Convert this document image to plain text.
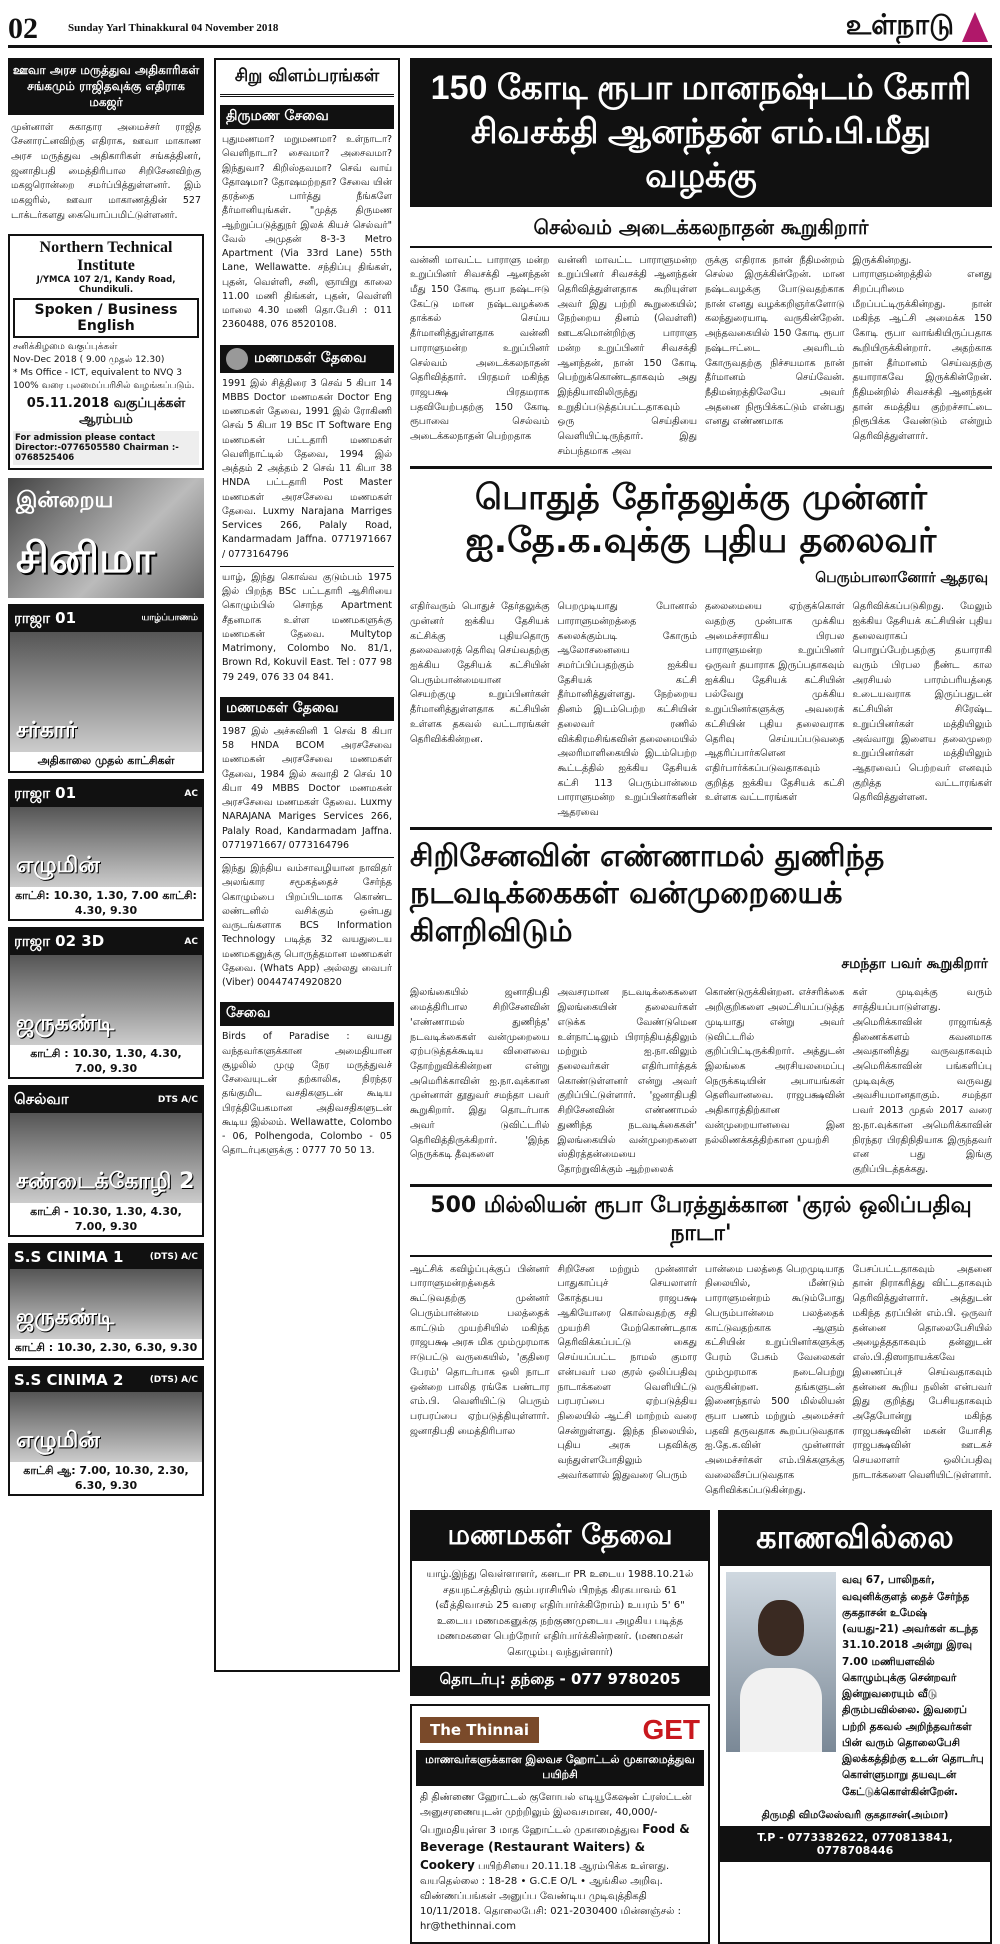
02	Sunday Yarl Thinakkural 04 November 2018	உள்நாடு
ஊவா அரச மருத்துவ அதிகாரிகள் சங்கமும் ராஜிதவுக்கு எதிராக மகஜர்
முன்னாள் சுகாதார அமைச்சர் ராஜித சேனாரட்னவிற்கு எதிராக, ஊவா மாகாண அரச மருத்துவ அதிகாரிகள் சங்கத்தினர், ஜனாதிபதி மைத்திரிபால சிறிசேனவிற்கு மகஜரொன்றை சமர்ப்பித்துள்ளனர். இம் மகஜரில், ஊவா மாகாணத்தின் 527 டாக்டர்களது கையொப்பமிட்டுள்ளனர்.
Northern Technical Institute
J/YMCA 107 2/1, Kandy Road, Chundikuli.
Spoken / Business English
சனிக்கிழமை வகுப்புக்கள்
Nov-Dec 2018 ( 9.00 முதல் 12.30)
* Ms Office - ICT, equivalent to NVQ 3
100% வரை புலமைப்பரிசில் வழங்கப்படும்.
05.11.2018 வகுப்புக்கள் ஆரம்பம்
For admission please contact Director:-0776505580 Chairman :- 0768525406
இன்றைய
சினிமா
ராஜா 01	யாழ்ப்பாணம்
சர்கார்
அதிகாலை முதல் காட்சிகள்
ராஜா 01	AC
எழுமின்
காட்சி: 10.30, 1.30, 7.00 காட்சி: 4.30, 9.30
ராஜா 02 3D	AC
ஜருகண்டி
காட்சி : 10.30, 1.30, 4.30, 7.00, 9.30
செல்வா	DTS A/C
சண்டைக்கோழி 2
காட்சி - 10.30, 1.30, 4.30, 7.00, 9.30
S.S CINIMA 1	(DTS) A/C
ஜருகண்டி
காட்சி : 10.30, 2.30, 6.30, 9.30
S.S CINIMA 2	(DTS) A/C
எழுமின்
காட்சி ஆ: 7.00, 10.30, 2.30, 6.30, 9.30
சிறு விளம்பரங்கள்
திருமண சேவை
புதுமணமா? மறுமணமா? உள்நாடா? வெளிநாடா? சைவமா? அசைவமா? இந்துவா? கிறிஸ்தவமா? செவ் வாய் தோஷமா? தோஷமற்றதா? சேவை யின் தரத்தை பார்த்து நீங்களே தீர்மானியுங்கள். "முத்த திருமண ஆற்றுப்படுத்துநர் இலக் கியச் செல்வர்" வேல் அமுதன் 8-3-3 Metro Apartment (Via 33rd Lane) 55th Lane, Wellawatte. சந்திப்பு திங்கள், புதன், வெள்ளி, சனி, ஞாயிறு காலை 11.00 மணி திங்கள், புதன், வெள்ளி மாலை 4.30 மணி தொ.பேசி : 011 2360488, 076 8520108.
மணமகள் தேவை
1991 இல் சித்திரை 3 செவ் 5 கிபா 14 MBBS Doctor மணமகன் Doctor Eng மணமகள் தேவை, 1991 இல் ரோகிணி செவ் 5 கிபா 19 BSc IT Software Eng மணமகன் பட்டதாரி மணமகள் வெளிநாட்டில் தேவை, 1994 இல் அத்தம் 2 அத்தம் 2 செவ் 11 கிபா 38 HNDA பட்டதாரி Post Master மணமகள் அரசசேவை மணமகள் தேவை. Luxmy Narajana Marriges Services 266, Palaly Road, Kandarmadam Jaffna. 0771971667 / 0773164796
யாழ், இந்து கொவ்வ குடும்பம் 1975 இல் பிறந்த BSc பட்டதாரி ஆசிரியை கொழும்பில் சொந்த Apartment சீதனமாக உள்ள மணமகளுக்கு மணமகன் தேவை. Multytop Matrimony, Colombo No. 81/1, Brown Rd, Kokuvil East. Tel : 077 98 79 249, 076 33 04 841.
மணமகள் தேவை
1987 இல் அச்சுவினி 1 செவ் 8 கிபா 58 HNDA BCOM அரசசேவை மணமகன் அரசசேவை மணமகள் தேவை, 1984 இல் சுவாதி 2 செவ் 10 கிபா 49 MBBS Doctor மணமகன் அரசசேவை மணமகள் தேவை. Luxmy NARAJANA Mariges Services 266, Palaly Road, Kandarmadam Jaffna. 0771971667/ 0773164796
இந்து இந்திய வம்சாவழியான நாவிதர் அலங்கார சமூகத்தைச் சேர்ந்த கொழும்பை பிறப்பிடமாக கொண்ட லண்டனில் வசிக்கும் ஒன்பது வருடங்களாக BCS Information Technology படித்த 32 வயதுடைய மணமகனுக்கு பொருத்தமான மணமகள் தேவை. (Whats App) அல்லது வைபர் (Viber) 00447474920820
சேவை
Birds of Paradise : வயது வந்தவர்களுக்கான அமைதியான சூழலில் முழு நேர மருத்துவச் சேவையுடன் தற்காலிக, நிரந்தர தங்குமிட வசதிகளுடன் கூடிய பிரத்தியேகமான அதிவசதிகளுடன் கூடிய இல்லம். Wellawatte, Colombo - 06, Polhengoda, Colombo - 05 தொடர்புகளுக்கு : 0777 70 50 13.
150 கோடி ரூபா மானநஷ்டம் கோரி
சிவசக்தி ஆனந்தன் எம்.பி.மீது வழக்கு
செல்வம் அடைக்கலநாதன் கூறுகிறார்
வன்னி மாவட்ட பாராளு மன்ற உறுப்பினர் சிவசக்தி ஆனந்தன் மீது 150 கோடி ரூபா நஷ்டஈடு கேட்டு மான நஷ்டவழக்கை தாக்கல் செய்ய தீர்மானித்துள்ளதாக வன்னி பாராளுமன்ற உறுப்பினர் செல்வம் அடைக்கலநாதன் தெரிவித்தார். பிரதமர் மகிந்த ராஜபக்ஷ பிரதமராக பதவியேற்பதற்கு 150 கோடி ரூபாவை செல்வம் அடைக்கலநாதன் பெற்றதாக
வன்னி மாவட்ட பாராளுமன்ற உறுப்பினர் சிவசக்தி ஆனந்தன் தெரிவித்துள்ளதாக கூறியுள்ள அவர் இது பற்றி கூறுகையில்; நேற்றைய தினம் (வெள்ளி) ஊடகமொன்றிற்கு பாராளு மன்ற உறுப்பினர் சிவசக்தி ஆனந்தன், நான் 150 கோடி பெற்றுக்கொண்டதாகவும் அது இந்தியாவிலிருந்து உறுதிப்படுத்தப்பட்டதாகவும் ஒரு செய்தியை வெளியிட்டிருந்தார். இது சம்பந்தமாக அவ
ருக்கு எதிராக நான் நீதிமன்றம் செல்ல இருக்கின்றேன். மான நஷ்டவழக்கு போடுவதற்காக நான் எனது வழக்கறிஞர்களோடு கலந்துரையாடி வருகின்றேன். அந்தவகையில் 150 கோடி ரூபா நஷ்டஈட்டை அவரிடம் கோருவதற்கு நிச்சயமாக நான் தீர்மானம் செய்வேன். நீதிமன்றத்திலேயே அவர் அதனை நிரூபிக்கட்டும் என்பது எனது எண்ணமாக
இருக்கின்றது. பாராளுமன்றத்தில் எனது சிறப்புரிமை மீறப்பட்டிருக்கின்றது. நான் மகிந்த ஆட்சி அமைக்க 150 கோடி ரூபா வாங்கியிருப்பதாக கூறியிருக்கின்றார். அதற்காக நான் தீர்மானம் செய்வதற்கு தயாராகவே இருக்கின்றேன். நீதிமன்றில் சிவசக்தி ஆனந்தன் தான் சுமத்திய குற்றச்சாட்டை நிரூபிக்க வேண்டும் என்றும் தெரிவித்துள்ளார்.
பொதுத் தேர்தலுக்கு முன்னர்
ஐ.தே.க.வுக்கு புதிய தலைவர்
பெரும்பாலானோர் ஆதரவு
எதிர்வரும் பொதுச் தேர்தலுக்கு முன்னர் ஐக்கிய தேசியக் கட்சிக்கு புதியதொரு தலைவரைத் தெரிவு செய்வதற்கு ஐக்கிய தேசியக் கட்சியின் பெரும்பான்மையான செயற்குழு உறுப்பினர்கள் தீர்மானித்துள்ளதாக கட்சியின் உள்ளக தகவல் வட்டாரங்கள் தெரிவிக்கின்றன.
பெறமுடியாது போனால் பாராளுமன்றத்தை கலைக்கும்படி கோரும் ஆலோசனையை சமர்ப்பிப்பதற்கும் ஐக்கிய தேசியக் கட்சி தீர்மானித்துள்ளது. நேற்றைய தினம் இடம்பெற்ற கட்சியின் தலைவர் ரணில் விக்கிரமசிங்கவின் தலைமையில் அலரிமாளிகையில் இடம்பெற்ற கூட்டத்தில் ஐக்கிய தேசியக் கட்சி 113 பெரும்பான்மை பாராளுமன்ற உறுப்பினர்களின் ஆதரவை
தலைமையை ஏற்குக்கொள் வதற்கு முன்பாக முக்கிய அமைச்சராகிய பிரபல பாராளுமன்ற உறுப்பினர் ஒருவர் தயாராக இருப்பதாகவும் ஐக்கிய தேசியக் கட்சியின் பல்வேறு முக்கிய உறுப்பினர்களுக்கு அவரைக் கட்சியின் புதிய தலைவராக தெரிவு செய்யப்படுவதை ஆதரிப்பார்களென எதிர்பார்க்கப்படுவதாகவும் குறித்த ஐக்கிய தேசியக் கட்சி உள்ளக வட்டாரங்கள்
தெரிவிக்கப்படுகிறது. மேலும் ஐக்கிய தேசியக் கட்சியின் புதிய தலைவராகப் பொறுப்பேற்பதற்கு தயாராகி வரும் பிரபல நீண்ட கால அரசியல் பாரம்பரியத்தை உடையவராக இருப்பதுடன் கட்சியின் சிரேஷ்ட உறுப்பினர்கள் மத்தியிலும் அவ்வாறு இளைய தலைமுறை உறுப்பினர்கள் மத்தியிலும் ஆதரவைப் பெற்றவர் எனவும் குறித்த வட்டாரங்கள் தெரிவித்துள்ளன.
சிறிசேனவின் எண்ணாமல் துணிந்த
நடவடிக்கைகள் வன்முறையைக் கிளறிவிடும்
சமந்தா பவர் கூறுகிறார்
இலங்கையில் ஜனாதிபதி மைத்திரிபால சிறிசேனவின் 'எண்ணாமல் துணிந்த' நடவடிக்கைகள் வன்முறையை ஏற்படுத்தக்கூடிய விளைவை தோற்றுவிக்கின்றன என்று அமெரிக்காவின் ஐ.நா.வுக்கான முன்னாள் தூதுவர் சமந்தா பவர் கூறுகிறார். இது தொடர்பாக அவர் டுவிட்டரில் தெரிவித்திருக்கிறார். 'இந்த நெருக்கடி தீவுகளை
அவசரமான நடவடிக்கைகளை இலங்கையின் தலைவர்கள் எடுக்க வேண்டுமென உள்நாட்டிலும் பிராந்தியத்திலும் மற்றும் ஐ.நா.விலும் தலைவர்கள் எதிர்பார்த்தக் கொண்டுள்ளனர் என்று அவர் குறிப்பிட்டுள்ளார். 'ஜனாதிபதி சிறிசேனவின் எண்ணாமல் துணிந்த நடவடிக்கைகள்' இலங்கையில் வன்முறைகளை ஸ்திரத்தன்மையை தோற்றுவிக்கும் ஆற்றலைக்
கொண்டுருக்கின்றன. எச்சரிக்கை அறிகுறிகளை அலட்சியப்படுத்த முடியாது என்று அவர் டுவிட்டரில் குறிப்பிட்டிருக்கிறார். அத்துடன் இலங்கை அரசியலமைப்பு நெருக்கடியின் அபாயங்கள் தெளிவானவை. ராஜபக்ஷவின் அதிகாரத்திற்கான வன்முறையானவை இன நல்லிணக்கத்திற்கான முயற்சி
கள் முடிவுக்கு வரும் சாத்தியப்பாடுள்ளது. அமெரிக்காவின் ராஜாங்கத் திணைக்களம் கவனமாக அவதானித்து வருவதாகவும் அமெரிக்காவின் பங்களிப்பு முடிவுக்கு வருவது அவசியமானதாகும். சமந்தா பவர் 2013 முதல் 2017 வரை ஐ.நா.வுக்கான அமெரிக்காவின் நிரந்தர பிரதிநிதியாக இருந்தவர் என பது இங்கு குறிப்பிடத்தக்கது.
500 மில்லியன் ரூபா பேரத்துக்கான 'குரல் ஒலிப்பதிவு நாடா'
ஆட்சிக் கவிழ்ப்புக்குப் பின்னர் பாராளுமன்றத்தைக் கூட்டுவதற்கு முன்னர் பெரும்பான்மை பலத்தைக் காட்டும் முயற்சியில் மகிந்த ராஜபக்ஷ அரசு மிக மும்முரமாக ஈடுபட்டு வருகையில், 'குதிரை பேரம்' தொடர்பாக ஒலி நாடா ஒன்றை பாலித ரங்கே பண்டார எம்.பி. வெளியிட்டு பெரும் பரபரப்பை ஏற்படுத்தியுள்ளார். ஜனாதிபதி மைத்திரிபால
சிறிசேன மற்றும் முன்னாள் பாதுகாப்புச் செயலாளர் கோத்தபய ராஜபக்ஷ ஆகியோரை கொல்வதற்கு சதி முயற்சி மேற்கொண்டதாக தெரிவிக்கப்பட்டு கைது செய்யப்பட்ட நாமல் குமார என்பவர் பல குரல் ஒலிப்பதிவு நாடாக்களை வெளியிட்டு பரபரப்பை ஏற்படுத்திய நிலையில் ஆட்சி மாற்றம் வரை சென்றுள்ளது. இந்த நிலையில், புதிய அரசு பதவிக்கு வந்துள்ளபோதிலும் அவர்களால் இதுவரை பெரும்
பான்மை பலத்தை பெறமுடியாத நிலையில், மீண்டும் பாராளுமன்றம் கூடும்போது பெரும்பான்மை பலத்தைக் காட்டுவதற்காக ஆளும் கட்சியின் உறுப்பினர்களுக்கு பேரம் பேசும் வேலைகள் மும்முரமாக நடைபெற்று வருகின்றன. தங்களுடன் இணைந்தால் 500 மில்லியன் ரூபா பணம் மற்றும் அமைச்சர் பதவி தருவதாக கூறப்படுவதாக ஐ.தே.க.வின் முன்னாள் அமைச்சர்கள் எம்.பிக்களுக்கு வலைவீசப்படுவதாக தெரிவிக்கப்படுகின்றது.
பேசப்பட்டதாகவும் அதனை தான் நிராகரித்து விட்டதாகவும் தெரிவித்துள்ளார். அத்துடன் மகிந்த தரப்பின் எம்.பி. ஒருவர் தன்னை தொலைபேசியில் அழைத்ததாகவும் தன்னுடன் எஸ்.பி.திஸாநாயக்கவே இணைப்புச் செய்வதாகவும் தன்னை கூறிய நலின் என்பவர் இது குறித்து பேசியதாகவும் அதேபோன்று மகிந்த ராஜபக்ஷவின் மகன் யோசித ராஜபக்ஷவின் ஊடகச் செயலாளர் ஒலிப்பதிவு நாடாக்களை வெளியிட்டுள்ளார்.
மணமகள் தேவை
யாழ்.இந்து வெள்ளாளர், கனடா PR உடைய 1988.10.21ல் சதயநட்சத்திரம் கும்பராசியில் பிறந்த கிரகபாவம் 61 (வீ்த்திவாசம் 25 வரை எதிர்பார்க்கிறோம்) உயரம் 5' 6" உடைய மணமகனுக்கு நற்குணமுடைய அழகிய படித்த மணமகளை பெற்றோர் எதிர்பார்க்கின்றனர். (மணமகள் கொழும்பு வந்துள்ளார்)
தொடர்பு: தந்தை - 077 9780205
The Thinnai	GET
மாணவர்களுக்கான இலவச ஹோட்டல் முகாமைத்துவ பயிற்சி
தி திண்ணை ஹோட்டல் குளோபல் எடியூகேஷன் ட்ரஸ்ட்டன் அனுசரணையுடன் முற்றிலும் இலவசமான, 40,000/- பெறுமதியுள்ள 3 மாத ஹோட்டல் முகாமைத்துவ Food & Beverage (Restaurant Waiters) & Cookery பயிற்சியை 20.11.18 ஆரம்பிக்க உள்ளது. வயதெல்லை : 18-28 • G.C.E O/L • ஆங்கில அறிவு. விண்ணப்பங்கள் அனுப்ப வேண்டிய முடிவுத்திகதி 10/11/2018. தொலைபேசி: 021-2030400 மின்னஞ்சல் : hr@thethinnai.com
காணவில்லை
வவு 67, பாலிநகர், வவுனிக்குளத் தைச் சேர்ந்த குகதாசன் உமேஷ் (வயது-21) அவர்கள் கடந்த 31.10.2018 அன்று இரவு 7.00 மணியளவில் கொழும்புக்கு சென்றவர் இன்றுவரையும் வீடு திரும்பவில்லை. இவரைப் பற்றி தகவல் அறிந்தவர்கள் பின் வரும் தொலைபேசி இலக்கத்திற்கு உடன் தொடர்பு கொள்ளுமாறு தயவுடன் கேட்டுக்கொள்கின்றேன்.
திருமதி விமலேஸ்வரி குகதாசன்(அம்மா)
T.P - 0773382622, 0770813841, 0778708446
